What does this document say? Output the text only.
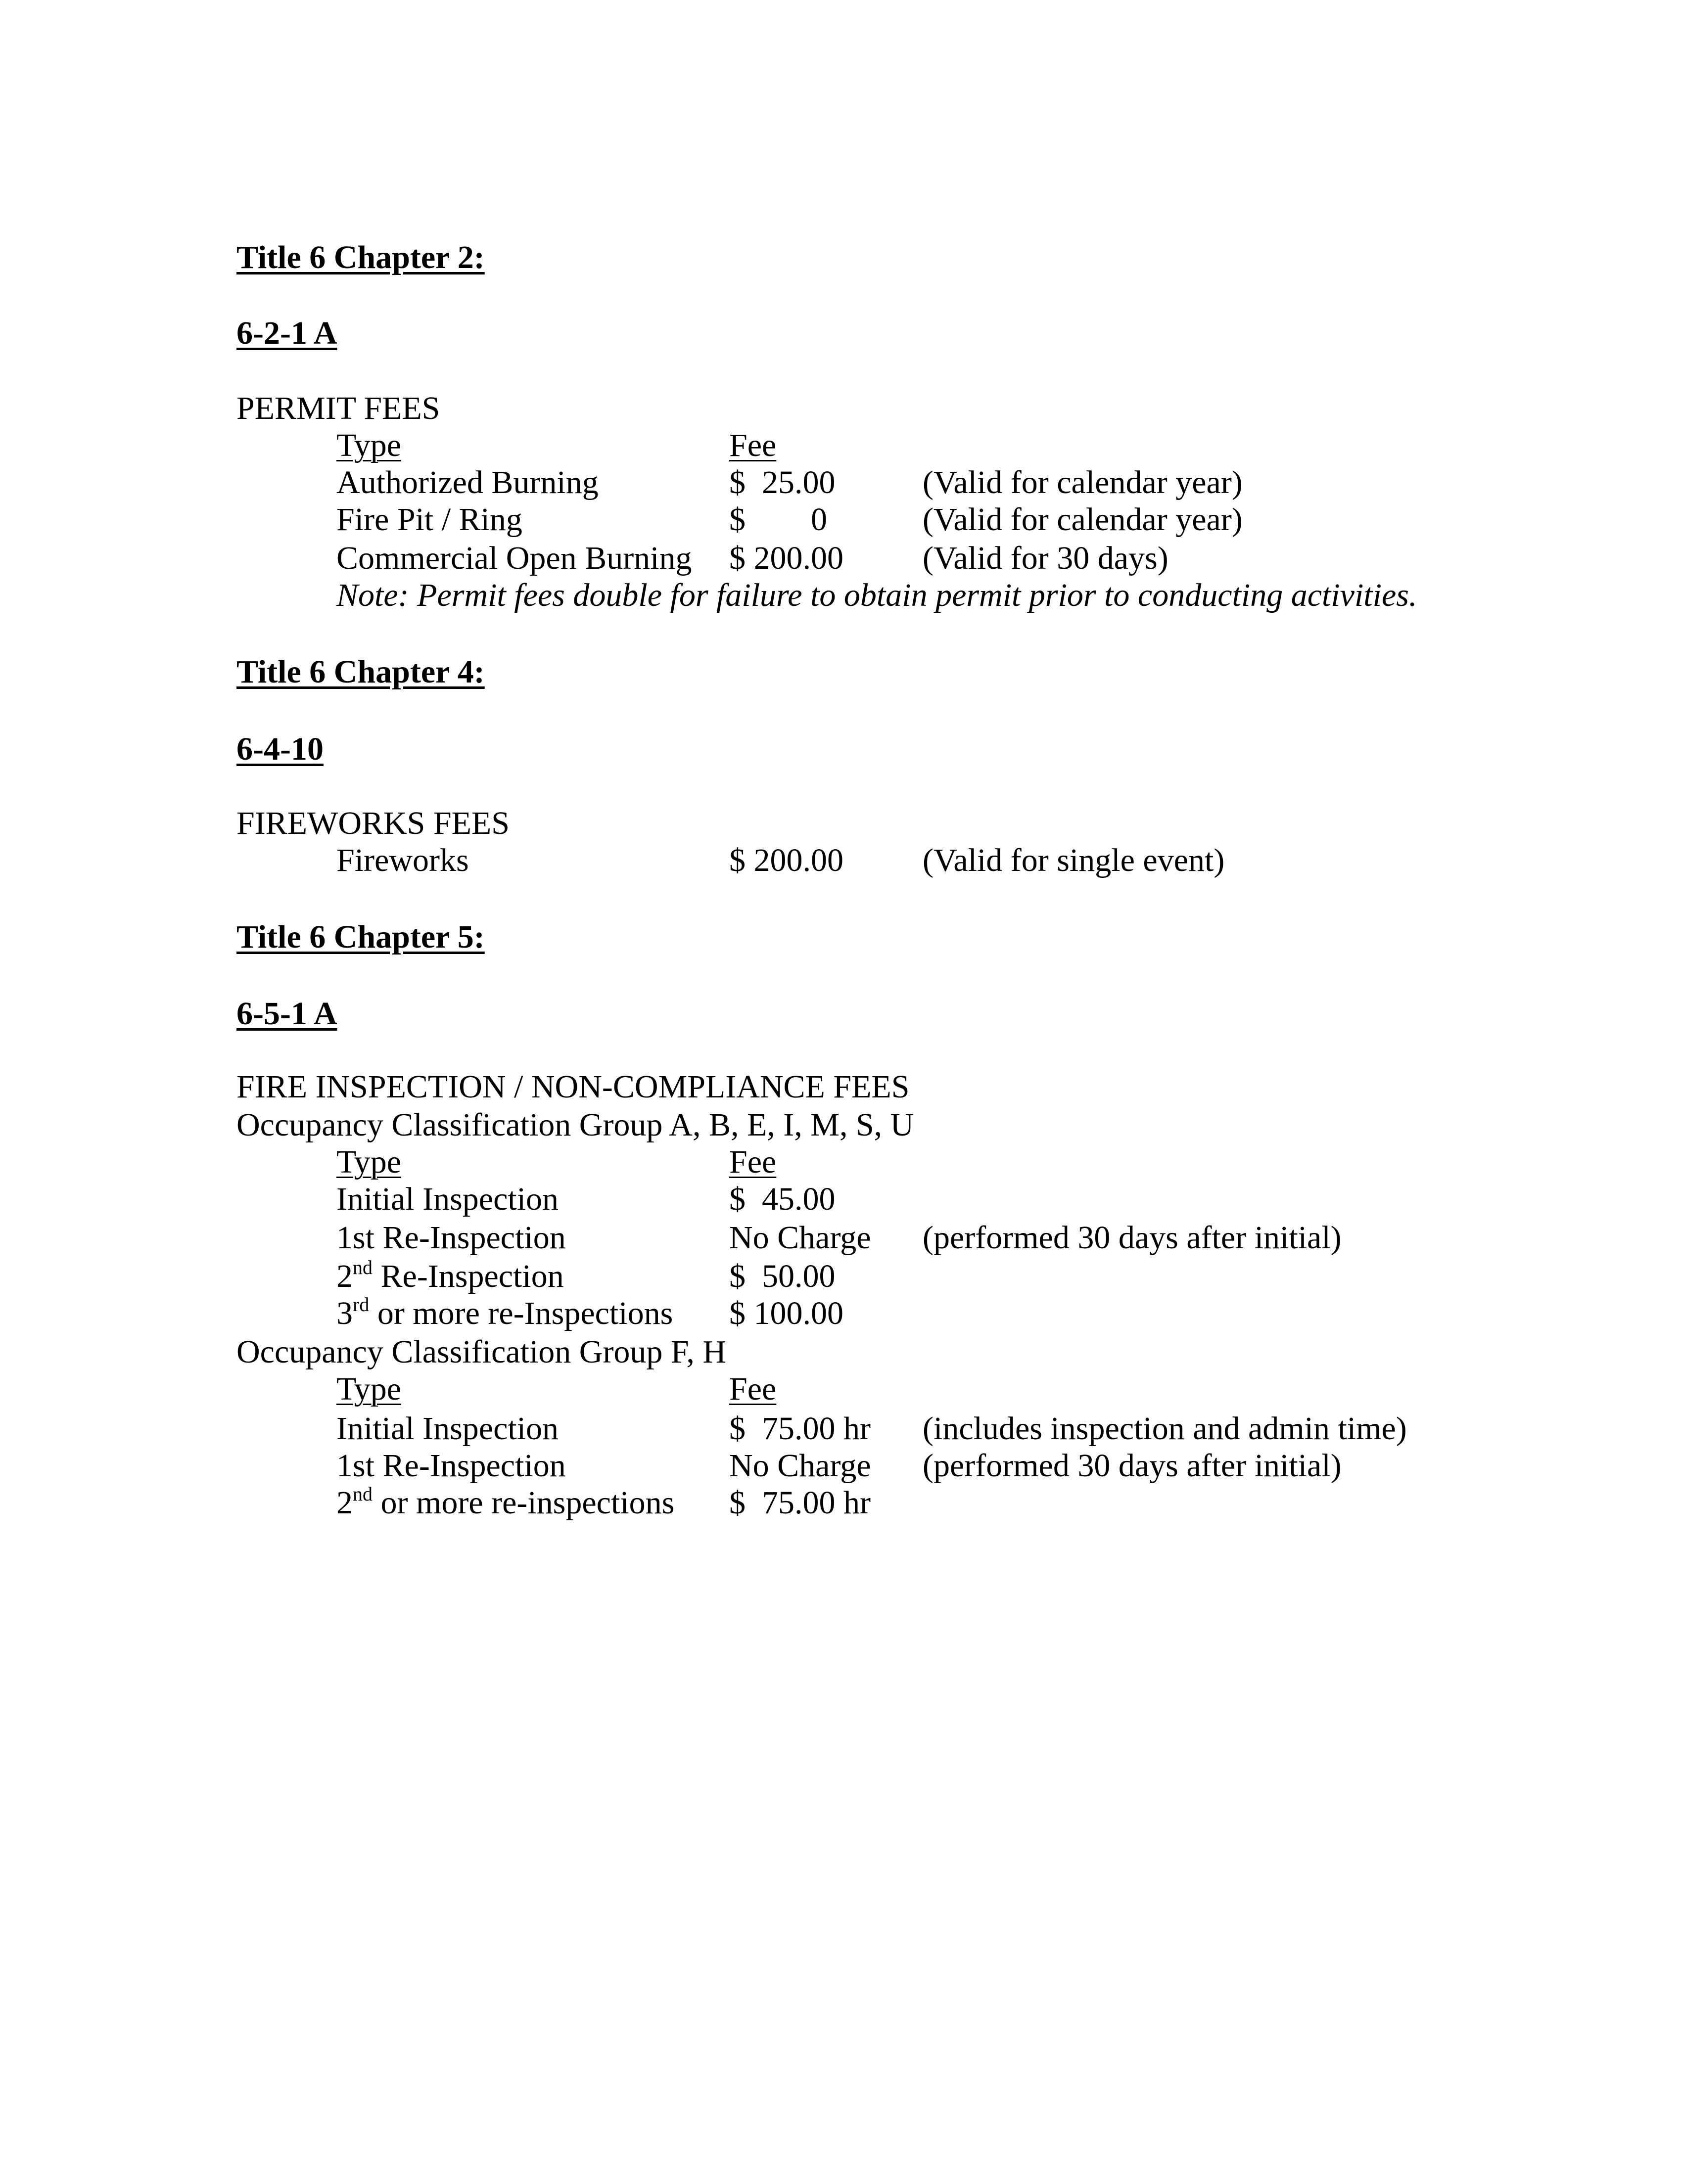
Title 6 Chapter 2:
6-2-1 A
PERMIT FEES
Type	Fee
Authorized Burning	$  25.00	(Valid for calendar year)
Fire Pit / Ring	$        0	(Valid for calendar year)
Commercial Open Burning $ 200.00 (Valid for 30 days)
Note: Permit fees double for failure to obtain permit prior to conducting activities.
Title 6 Chapter 4:
6-4-10
FIREWORKS FEES
Fireworks	$ 200.00 (Valid for single event)
Title 6 Chapter 5:
6-5-1 A
FIRE INSPECTION / NON-COMPLIANCE FEES
Occupancy Classification Group A, B, E, I, M, S, U
Type	Fee
Initial Inspection	$  45.00
1st Re-Inspection	No Charge (performed 30 days after initial)
2nd Re-Inspection	$  50.00
3rd or more re-Inspections $ 100.00
Occupancy Classification Group F, H
Type	Fee
Initial Inspection	$  75.00 hr (includes inspection and admin time)
1st Re-Inspection	No Charge (performed 30 days after initial)
2nd or more re-inspections $  75.00 hr
